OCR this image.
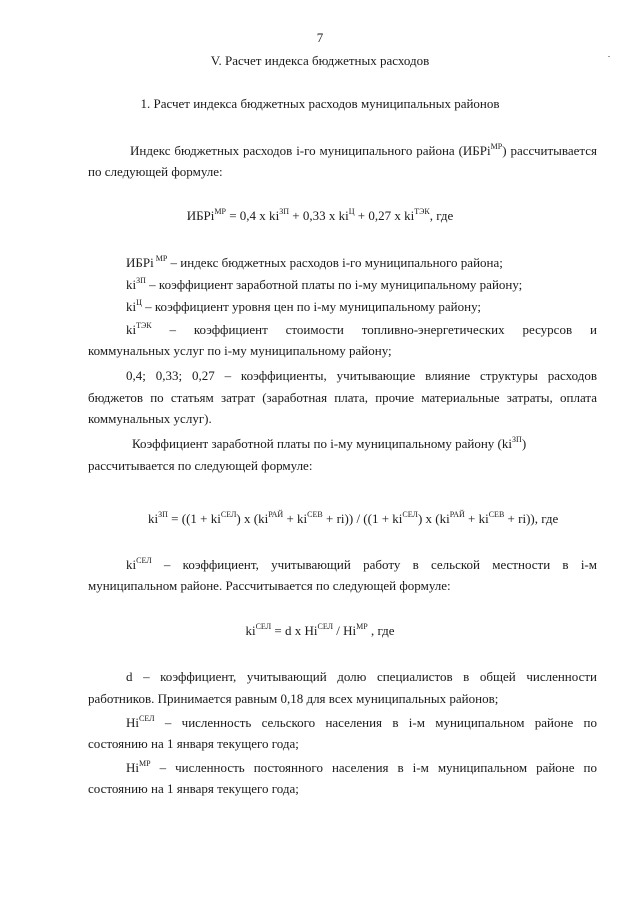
7
V. Расчет индекса бюджетных расходов
1. Расчет индекса бюджетных расходов муниципальных районов
Индекс бюджетных расходов i-го муниципального района (ИБРi$^{МР}$) рассчитывается
по следующей формуле:
ИБРi$^{МР}$ = 0,4 х $ki^{ЗП} + 0,33$ х $ki^Ц + 0,27$ х $ki^{ТЭК}$, где
ИБРi $^{МР}$ – индекс бюджетных расходов i-го муниципального района;
$ki^{ЗП}$ – коэффициент заработной платы по i-му муниципальному району;
$ki^Ц$ – коэффициент уровня цен по i-му муниципальному району;
$ki^{ТЭК}$ – коэффициент стоимости топливно-энергетических ресурсов и
коммунальных услуг по i-му муниципальному району;
0,4; 0,33; 0,27 – коэффициенты, учитывающие влияние структуры расходов
бюджетов по статьям затрат (заработная плата, прочие материальные затраты, оплата
коммунальных услуг).
Коэффициент заработной платы по i-му муниципальному району $(ki^{ЗП})$
рассчитывается по следующей формуле:
$ki^{ЗП} = ((1 + ki^{СЕЛ})$ х $(ki^{РАЙ} + ki^{СЕВ} + ri)) / ((1 + ki^{СЕЛ})$ х $(ki^{РАЙ} + ki^{СЕВ} + ri)$), где
$ki^{СЕЛ}$ – коэффициент, учитывающий работу в сельской местности в i-м
муниципальном районе. Рассчитывается по следующей формуле:
$ki^{СЕЛ} = d$ х $Hi^{СЕЛ} / Hi^{МР}$ , где
d – коэффициент, учитывающий долю специалистов в общей численности
работников. Принимается равным 0,18 для всех муниципальных районов;
$Hi^{СЕЛ}$ – численность сельского населения в i-м муниципальном районе по
состоянию на 1 января текущего года;
$Hi^{МР}$ – численность постоянного населения в i-м муниципальном районе по
состоянию на 1 января текущего года;
